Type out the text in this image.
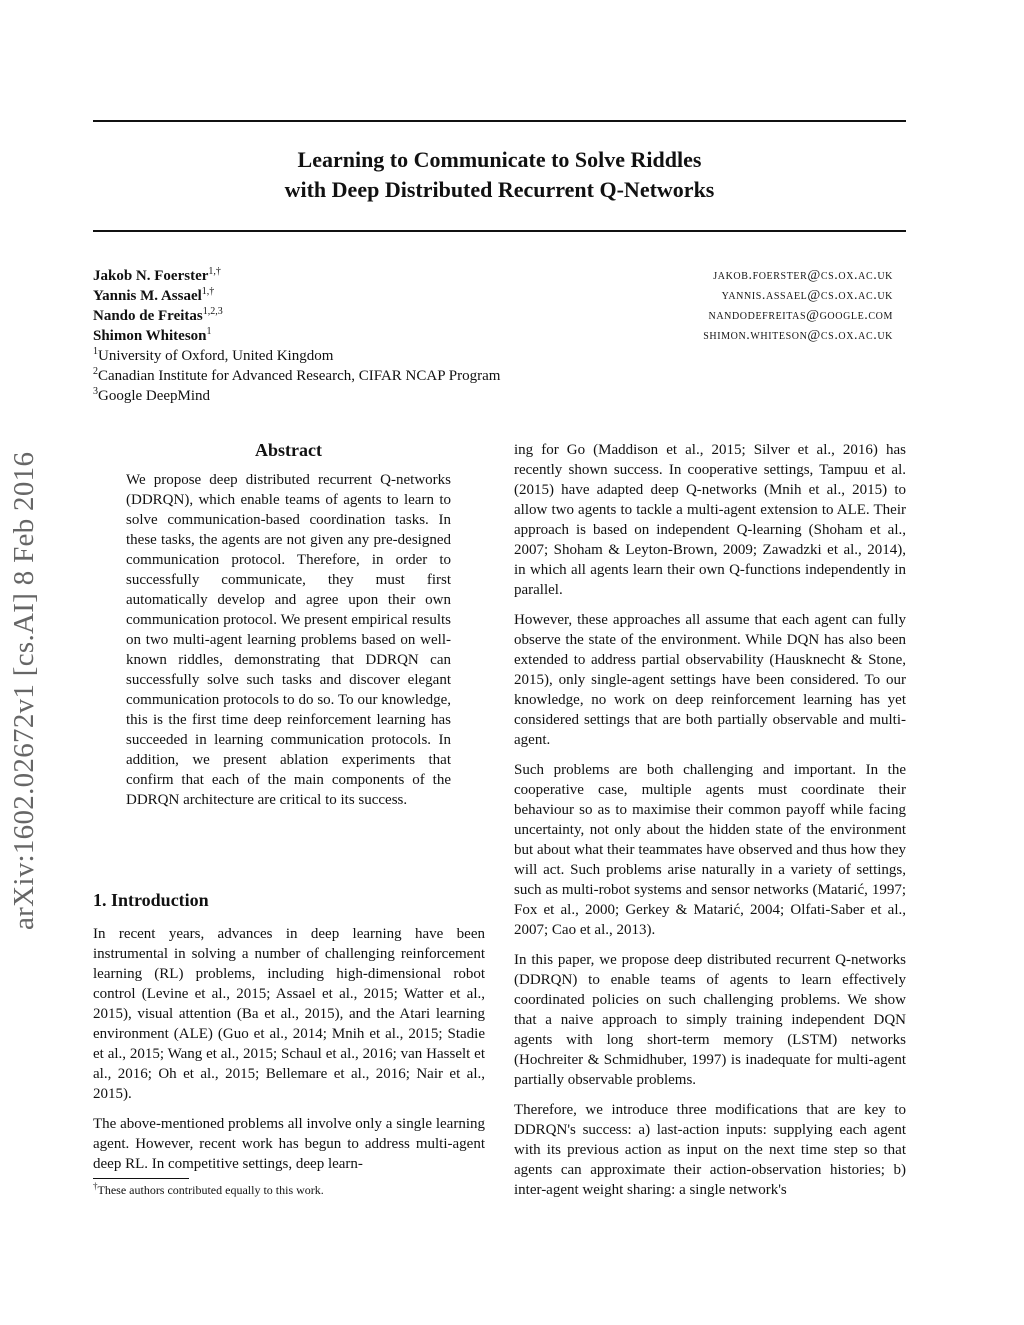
Learning to Communicate to Solve Riddles
with Deep Distributed Recurrent Q-Networks
arXiv:1602.02672v1 [cs.AI] 8 Feb 2016
Jakob N. Foerster$^{1,\dagger}$	jakob.foerster@cs.ox.ac.uk
Yannis M. Assael$^{1,\dagger}$	yannis.assael@cs.ox.ac.uk
Nando de Freitas$^{1,2,3}$	nandodefreitas@google.com
Shimon Whiteson$^1$	shimon.whiteson@cs.ox.ac.uk
$^1$University of Oxford, United Kingdom
$^2$Canadian Institute for Advanced Research, CIFAR NCAP Program
$^3$Google DeepMind
Abstract
We propose deep distributed recurrent Q-networks (DDRQN), which enable teams of agents to learn to solve communication-based coordination tasks. In these tasks, the agents are not given any pre-designed communication protocol. Therefore, in order to successfully communicate, they must first automatically develop and agree upon their own communication protocol. We present empirical results on two multi-agent learning problems based on well-known riddles, demonstrating that DDRQN can successfully solve such tasks and discover elegant communication protocols to do so. To our knowledge, this is the first time deep reinforcement learning has succeeded in learning communication protocols. In addition, we present ablation experiments that confirm that each of the main components of the DDRQN architecture are critical to its success.
1. Introduction

In recent years, advances in deep learning have been instrumental in solving a number of challenging reinforcement learning (RL) problems, including high-dimensional robot control (Levine et al., 2015; Assael et al., 2015; Watter et al., 2015), visual attention (Ba et al., 2015), and the Atari learning environment (ALE) (Guo et al., 2014; Mnih et al., 2015; Stadie et al., 2015; Wang et al., 2015; Schaul et al., 2016; van Hasselt et al., 2016; Oh et al., 2015; Bellemare et al., 2016; Nair et al., 2015).

The above-mentioned problems all involve only a single learning agent. However, recent work has begun to address multi-agent deep RL. In competitive settings, deep learn-

†These authors contributed equally to this work.

ing for Go (Maddison et al., 2015; Silver et al., 2016) has recently shown success. In cooperative settings, Tampuu et al. (2015) have adapted deep Q-networks (Mnih et al., 2015) to allow two agents to tackle a multi-agent extension to ALE. Their approach is based on independent Q-learning (Shoham et al., 2007; Shoham & Leyton-Brown, 2009; Zawadzki et al., 2014), in which all agents learn their own Q-functions independently in parallel.

However, these approaches all assume that each agent can fully observe the state of the environment. While DQN has also been extended to address partial observability (Hausknecht & Stone, 2015), only single-agent settings have been considered. To our knowledge, no work on deep reinforcement learning has yet considered settings that are both partially observable and multi-agent.

Such problems are both challenging and important. In the cooperative case, multiple agents must coordinate their behaviour so as to maximise their common payoff while facing uncertainty, not only about the hidden state of the environment but about what their teammates have observed and thus how they will act. Such problems arise naturally in a variety of settings, such as multi-robot systems and sensor networks (Matarić, 1997; Fox et al., 2000; Gerkey & Matarić, 2004; Olfati-Saber et al., 2007; Cao et al., 2013).

In this paper, we propose deep distributed recurrent Q-networks (DDRQN) to enable teams of agents to learn effectively coordinated policies on such challenging problems. We show that a naive approach to simply training independent DQN agents with long short-term memory (LSTM) networks (Hochreiter & Schmidhuber, 1997) is inadequate for multi-agent partially observable problems.

Therefore, we introduce three modifications that are key to DDRQN's success: a) last-action inputs: supplying each agent with its previous action as input on the next time step so that agents can approximate their action-observation histories; b) inter-agent weight sharing: a single network's
